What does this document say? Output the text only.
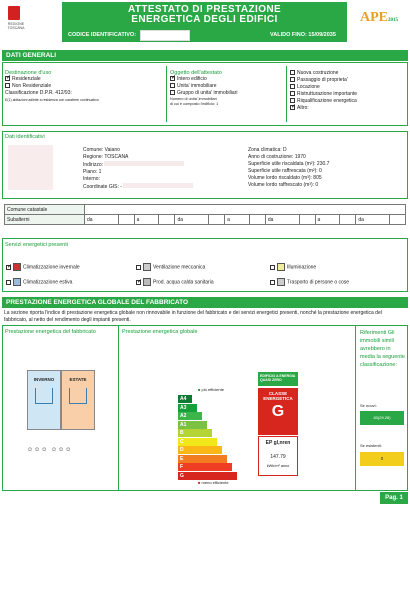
REGIONE TOSCANA
ATTESTATO DI PRESTAZIONE
ENERGETICA DEGLI EDIFICI
CODICE IDENTIFICATIVO:	VALIDO FINO: 15/09/2035
APE2015
DATI GENERALI
Destinazione d'uso
✓Residenziale
Non Residenziale
Classificazione D.P.R. 412/93:
E(1) abitazioni adibite a residenza con carattere continuativo
Oggetto dell'attestato
✓Intero edificio
Unita' immobiliare
Gruppo di unita' immobiliari
Numero di unita' immobiliari
di cui è composto l'edificio: 1
Nuova costruzione
Passaggio di proprieta'
Locazione
Ristrutturazione importante
Riqualificazione energetica
✓Altro:
Dati identificativi
Comune: Vaiano
Regione: TOSCANA
Indirizzo:
Piano: 1
Interno:
Coordinate GIS: -
Zona climatica: D
Anno di costruzione: 1970
Superficie utile riscaldata (m²): 230.7
Superficie utile raffrescata (m²): 0
Volume lordo riscaldato (m³): 805
Volume lordo raffrescato (m³): 0
Comune catastale														
Subalterni	da		a		da		a		da		a		da	
Servizi energetici presenti
✓Climatizzazione invernale
Climatizzazione estiva
Ventilazione meccanica
✓Prod. acqua calda sanitaria
Illuminazione
Trasporto di persone o cose
PRESTAZIONE ENERGETICA GLOBALE DEL FABBRICATO
La sezione riporta l'indice di prestazione energetica globale non rinnovabile in funzione del fabbricato e dei servizi energetici presenti, nonché la prestazione energetica del fabbricato, al netto del rendimento degli impianti presenti.
Prestazione energetica del fabbricato
INVERNO	ESTATE
☺☺☺ ☺☺☺
Prestazione energetica globale
■ più efficiente
A4
A3
A2
A1
B
C
D
E
F
G
■ meno efficiente
EDIFICIO A ENERGIA QUASI ZERO
CLASSE ENERGETICA
G
EP gl,nren
147.79
kWh/m² anno
Riferimenti Gli immobili simili avrebbero in media la seguente classificazione:
Se nuovi:
83(29.28)
Se esistenti:
0
Pag. 1
